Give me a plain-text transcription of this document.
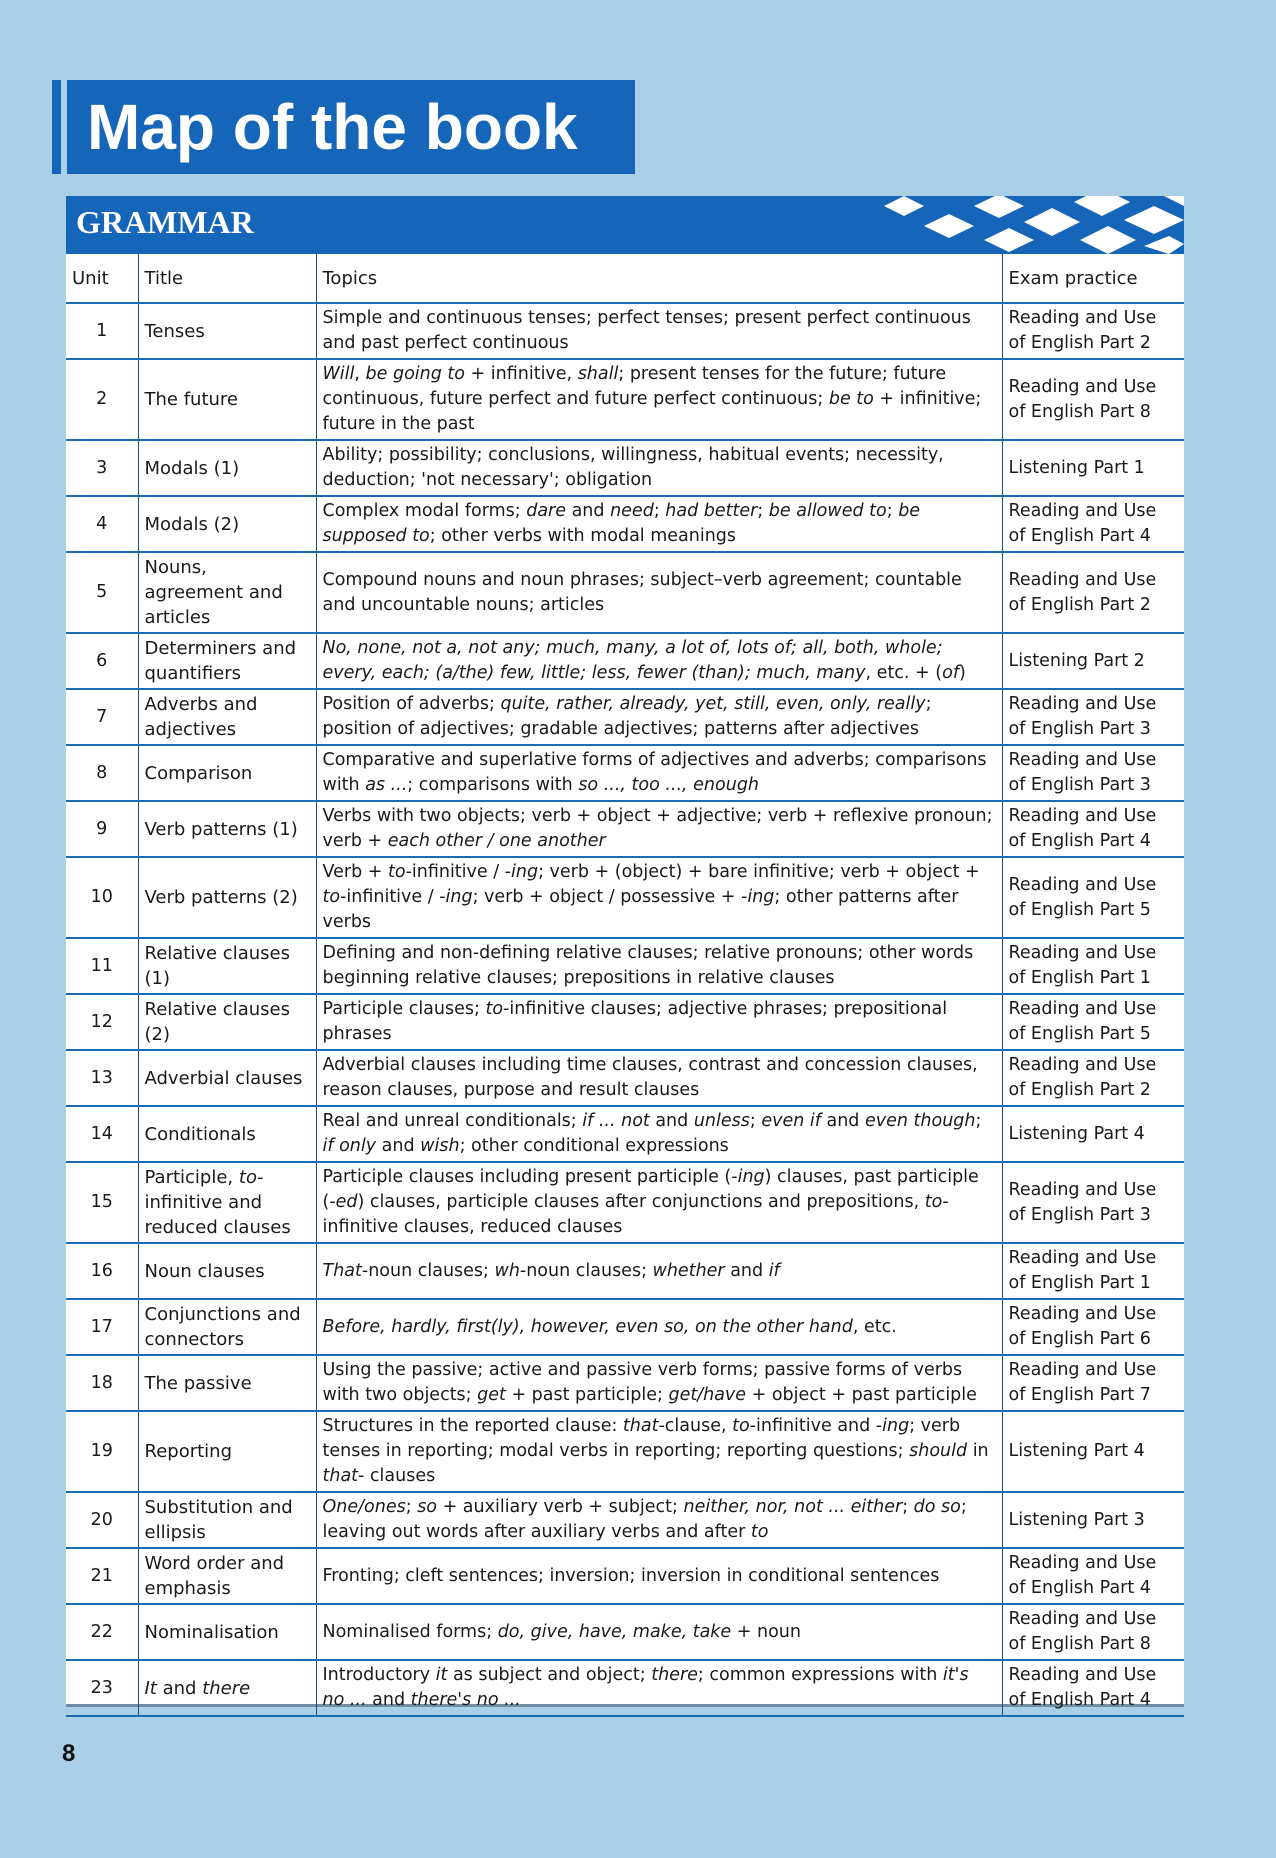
Map of the book
GRAMMAR
Unit	Title	Topics	Exam practice
1	Tenses	Simple and continuous tenses; perfect tenses; present perfect continuous and past perfect continuous	Reading and Use of English Part 2
2	The future	Will, be going to + infinitive, shall; present tenses for the future; future continuous, future perfect and future perfect continuous; be to + infinitive; future in the past	Reading and Use of English Part 8
3	Modals (1)	Ability; possibility; conclusions, willingness, habitual events; necessity, deduction; 'not necessary'; obligation	Listening Part 1
4	Modals (2)	Complex modal forms; dare and need; had better; be allowed to; be supposed to; other verbs with modal meanings	Reading and Use of English Part 4
5	Nouns, agreement and articles	Compound nouns and noun phrases; subject–verb agreement; countable and uncountable nouns; articles	Reading and Use of English Part 2
6	Determiners and quantifiers	No, none, not a, not any; much, many, a lot of, lots of; all, both, whole; every, each; (a/the) few, little; less, fewer (than); much, many, etc. + (of)	Listening Part 2
7	Adverbs and adjectives	Position of adverbs; quite, rather, already, yet, still, even, only, really; position of adjectives; gradable adjectives; patterns after adjectives	Reading and Use of English Part 3
8	Comparison	Comparative and superlative forms of adjectives and adverbs; comparisons with as ...; comparisons with so ..., too ..., enough	Reading and Use of English Part 3
9	Verb patterns (1)	Verbs with two objects; verb + object + adjective; verb + reflexive pronoun; verb + each other / one another	Reading and Use of English Part 4
10	Verb patterns (2)	Verb + to-infinitive / -ing; verb + (object) + bare infinitive; verb + object + to-infinitive / -ing; verb + object / possessive + -ing; other patterns after verbs	Reading and Use of English Part 5
11	Relative clauses (1)	Defining and non-defining relative clauses; relative pronouns; other words beginning relative clauses; prepositions in relative clauses	Reading and Use of English Part 1
12	Relative clauses (2)	Participle clauses; to-infinitive clauses; adjective phrases; prepositional phrases	Reading and Use of English Part 5
13	Adverbial clauses	Adverbial clauses including time clauses, contrast and concession clauses, reason clauses, purpose and result clauses	Reading and Use of English Part 2
14	Conditionals	Real and unreal conditionals; if ... not and unless; even if and even though; if only and wish; other conditional expressions	Listening Part 4
15	Participle, to-infinitive and reduced clauses	Participle clauses including present participle (-ing) clauses, past participle (-ed) clauses, participle clauses after conjunctions and prepositions, to-infinitive clauses, reduced clauses	Reading and Use of English Part 3
16	Noun clauses	That-noun clauses; wh-noun clauses; whether and if	Reading and Use of English Part 1
17	Conjunctions and connectors	Before, hardly, first(ly), however, even so, on the other hand, etc.	Reading and Use of English Part 6
18	The passive	Using the passive; active and passive verb forms; passive forms of verbs with two objects; get + past participle; get/have + object + past participle	Reading and Use of English Part 7
19	Reporting	Structures in the reported clause: that-clause, to-infinitive and -ing; verb tenses in reporting; modal verbs in reporting; reporting questions; should in that- clauses	Listening Part 4
20	Substitution and ellipsis	One/ones; so + auxiliary verb + subject; neither, nor, not ... either; do so; leaving out words after auxiliary verbs and after to	Listening Part 3
21	Word order and emphasis	Fronting; cleft sentences; inversion; inversion in conditional sentences	Reading and Use of English Part 4
22	Nominalisation	Nominalised forms; do, give, have, make, take + noun	Reading and Use of English Part 8
23	It and there	Introductory it as subject and object; there; common expressions with it's no ... and there's no ...	Reading and Use of English Part 4
8
